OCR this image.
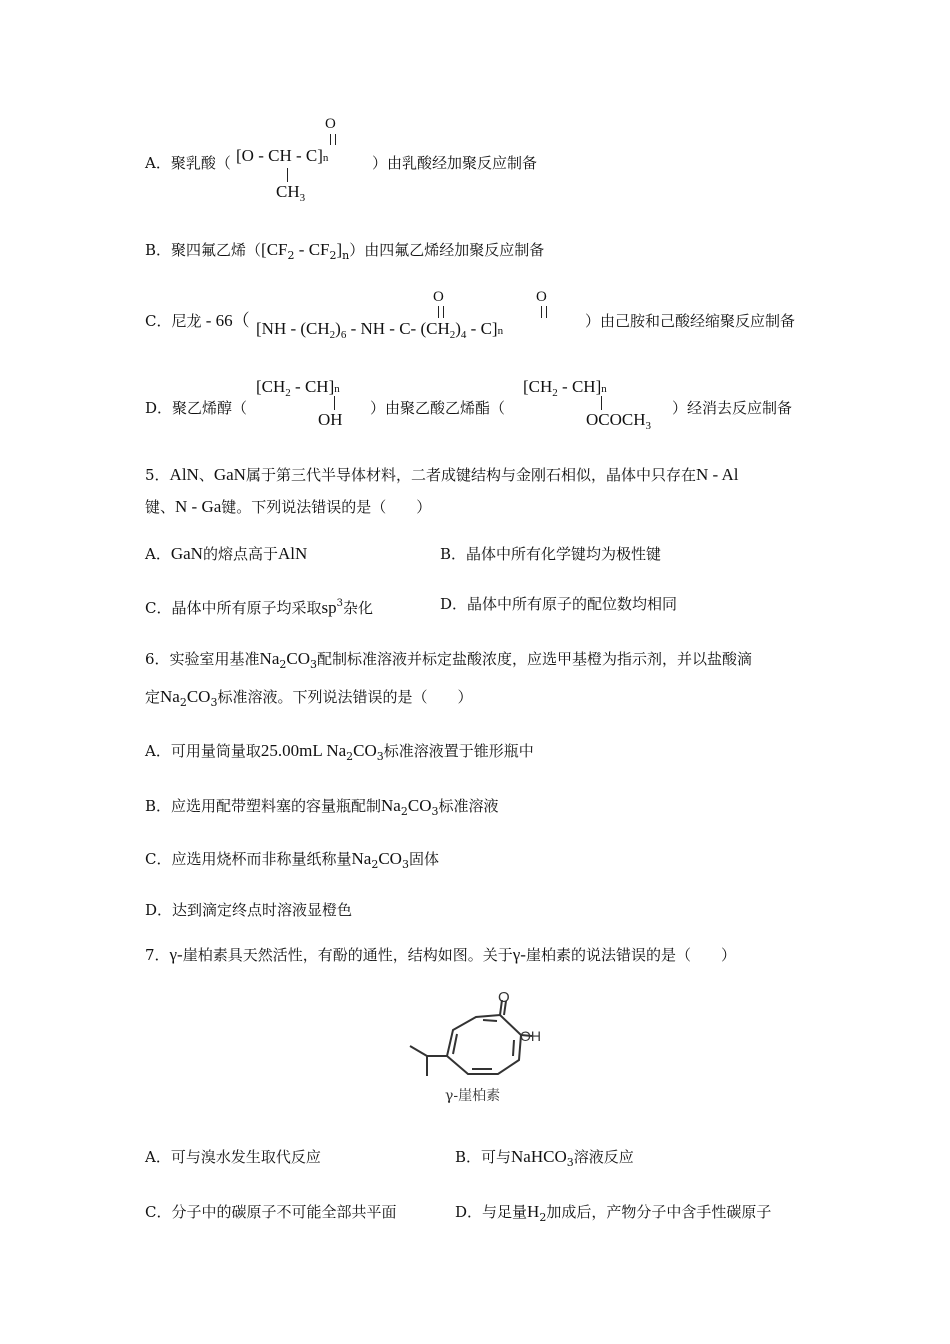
A．聚乳酸（ [O - CH - C]n
O
$CH_3$
）由乳酸经加聚反应制备
B．聚四氟乙烯$([CF_2 - CF_2]_n)$由四氟乙烯经加聚反应制备
C．尼龙 - 66（ [$NH - (CH_2)_6$ - NH - C- $(CH_2)_4 - C]n$
O	O
）由己胺和己酸经缩聚反应制备
D．聚乙烯醇（
$[CH_2 - CH]n$
OH
）由聚乙酸乙烯酯（
$[CH_2 - CH]n$
$OCOCH_3$
）经消去反应制备
5．AlN、GaN属于第三代半导体材料，二者成键结构与金刚石相似，晶体中只存在N - Al
键、N - Ga键。下列说法错误的是（　　）
A．GaN的熔点高于AlN	B．晶体中所有化学键均为极性键
C．晶体中所有原子均采取$sp^3$杂化	D．晶体中所有原子的配位数均相同
6．实验室用基准$Na_2CO_3$配制标准溶液并标定盐酸浓度，应选甲基橙为指示剂，并以盐酸滴
定$Na_2CO_3$标准溶液。下列说法错误的是（　　）
A．可用量筒量取25.00mL $Na_2CO_3$标准溶液置于锥形瓶中
B．应选用配带塑料塞的容量瓶配制$Na_2CO_3$标准溶液
C．应选用烧杯而非称量纸称量$Na_2CO_3$固体
D．达到滴定终点时溶液显橙色
7．γ-崖柏素具天然活性，有酚的通性，结构如图。关于γ-崖柏素的说法错误的是（　　）
O
OH
γ-崖柏素
A．可与溴水发生取代反应	B．可与NaHCO$_3$溶液反应
C．分子中的碳原子不可能全部共平面	D．与足量$H_2$加成后，产物分子中含手性碳原子
